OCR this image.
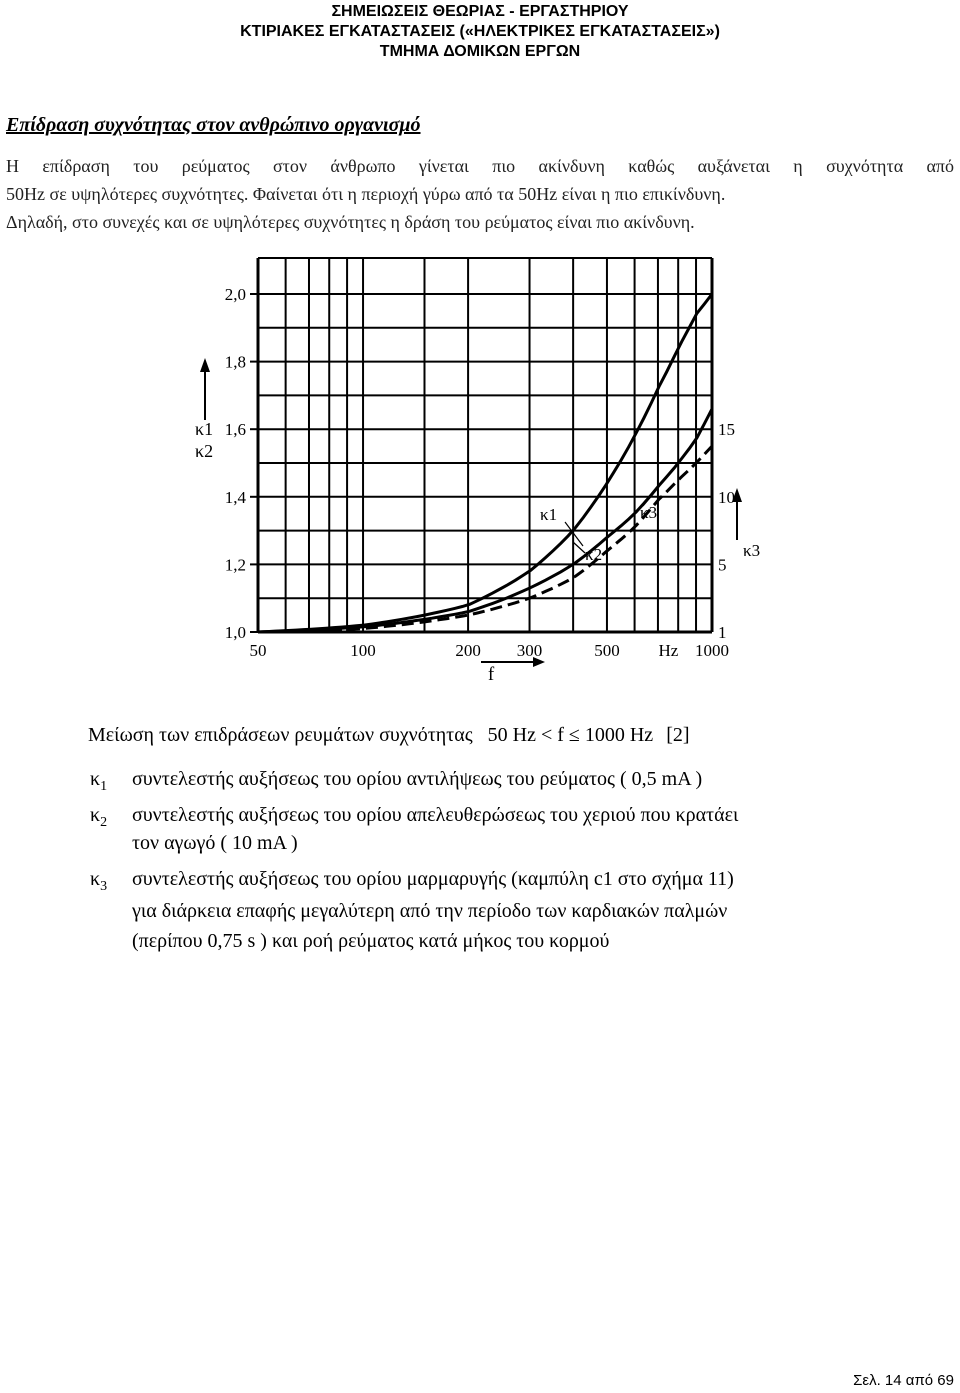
ΣΗΜΕΙΩΣΕΙΣ ΘΕΩΡΙΑΣ - ΕΡΓΑΣΤΗΡΙΟΥ
ΚΤΙΡΙΑΚΕΣ ΕΓΚΑΤΑΣΤΑΣΕΙΣ («ΗΛΕΚΤΡΙΚΕΣ ΕΓΚΑΤΑΣΤΑΣΕΙΣ»)
ΤΜΗΜΑ ΔΟΜΙΚΩΝ ΕΡΓΩΝ
Επίδραση συχνότητας στον ανθρώπινο οργανισμό
Η επίδραση του ρεύματος στον άνθρωπο γίνεται πιο ακίνδυνη καθώς αυξάνεται η συχνότητα από
50Hz σε υψηλότερες συχνότητες. Φαίνεται ότι η περιοχή γύρω από τα 50Hz είναι η πιο επικίνδυνη.
Δηλαδή, στο συνεχές και σε υψηλότερες συχνότητες η δράση του ρεύματος είναι πιο ακίνδυνη.
2,0
1,8
1,6
1,4
1,2
1,0
15
10
5
1
50	100	200 300	500 Hz 1000
f
κ1
κ2
κ3
κ1
κ2
κ3
Μείωση των επιδράσεων ρευμάτων συχνότητας 50 Hz < f ≤ 1000 Hz [2]
$\kappa_1$ συντελεστής αυξήσεως του ορίου αντιλήψεως του ρεύματος ( 0,5 mA )
$\kappa_2$ συντελεστής αυξήσεως του ορίου απελευθερώσεως του χεριού που κρατάει
τον αγωγό ( 10 mA )
$\kappa_3$ συντελεστής αυξήσεως του ορίου μαρμαρυγής (καμπύλη c1 στο σχήμα 11)
για διάρκεια επαφής μεγαλύτερη από την περίοδο των καρδιακών παλμών
(περίπου 0,75 s ) και ροή ρεύματος κατά μήκος του κορμού
Σελ. 14 από 69
